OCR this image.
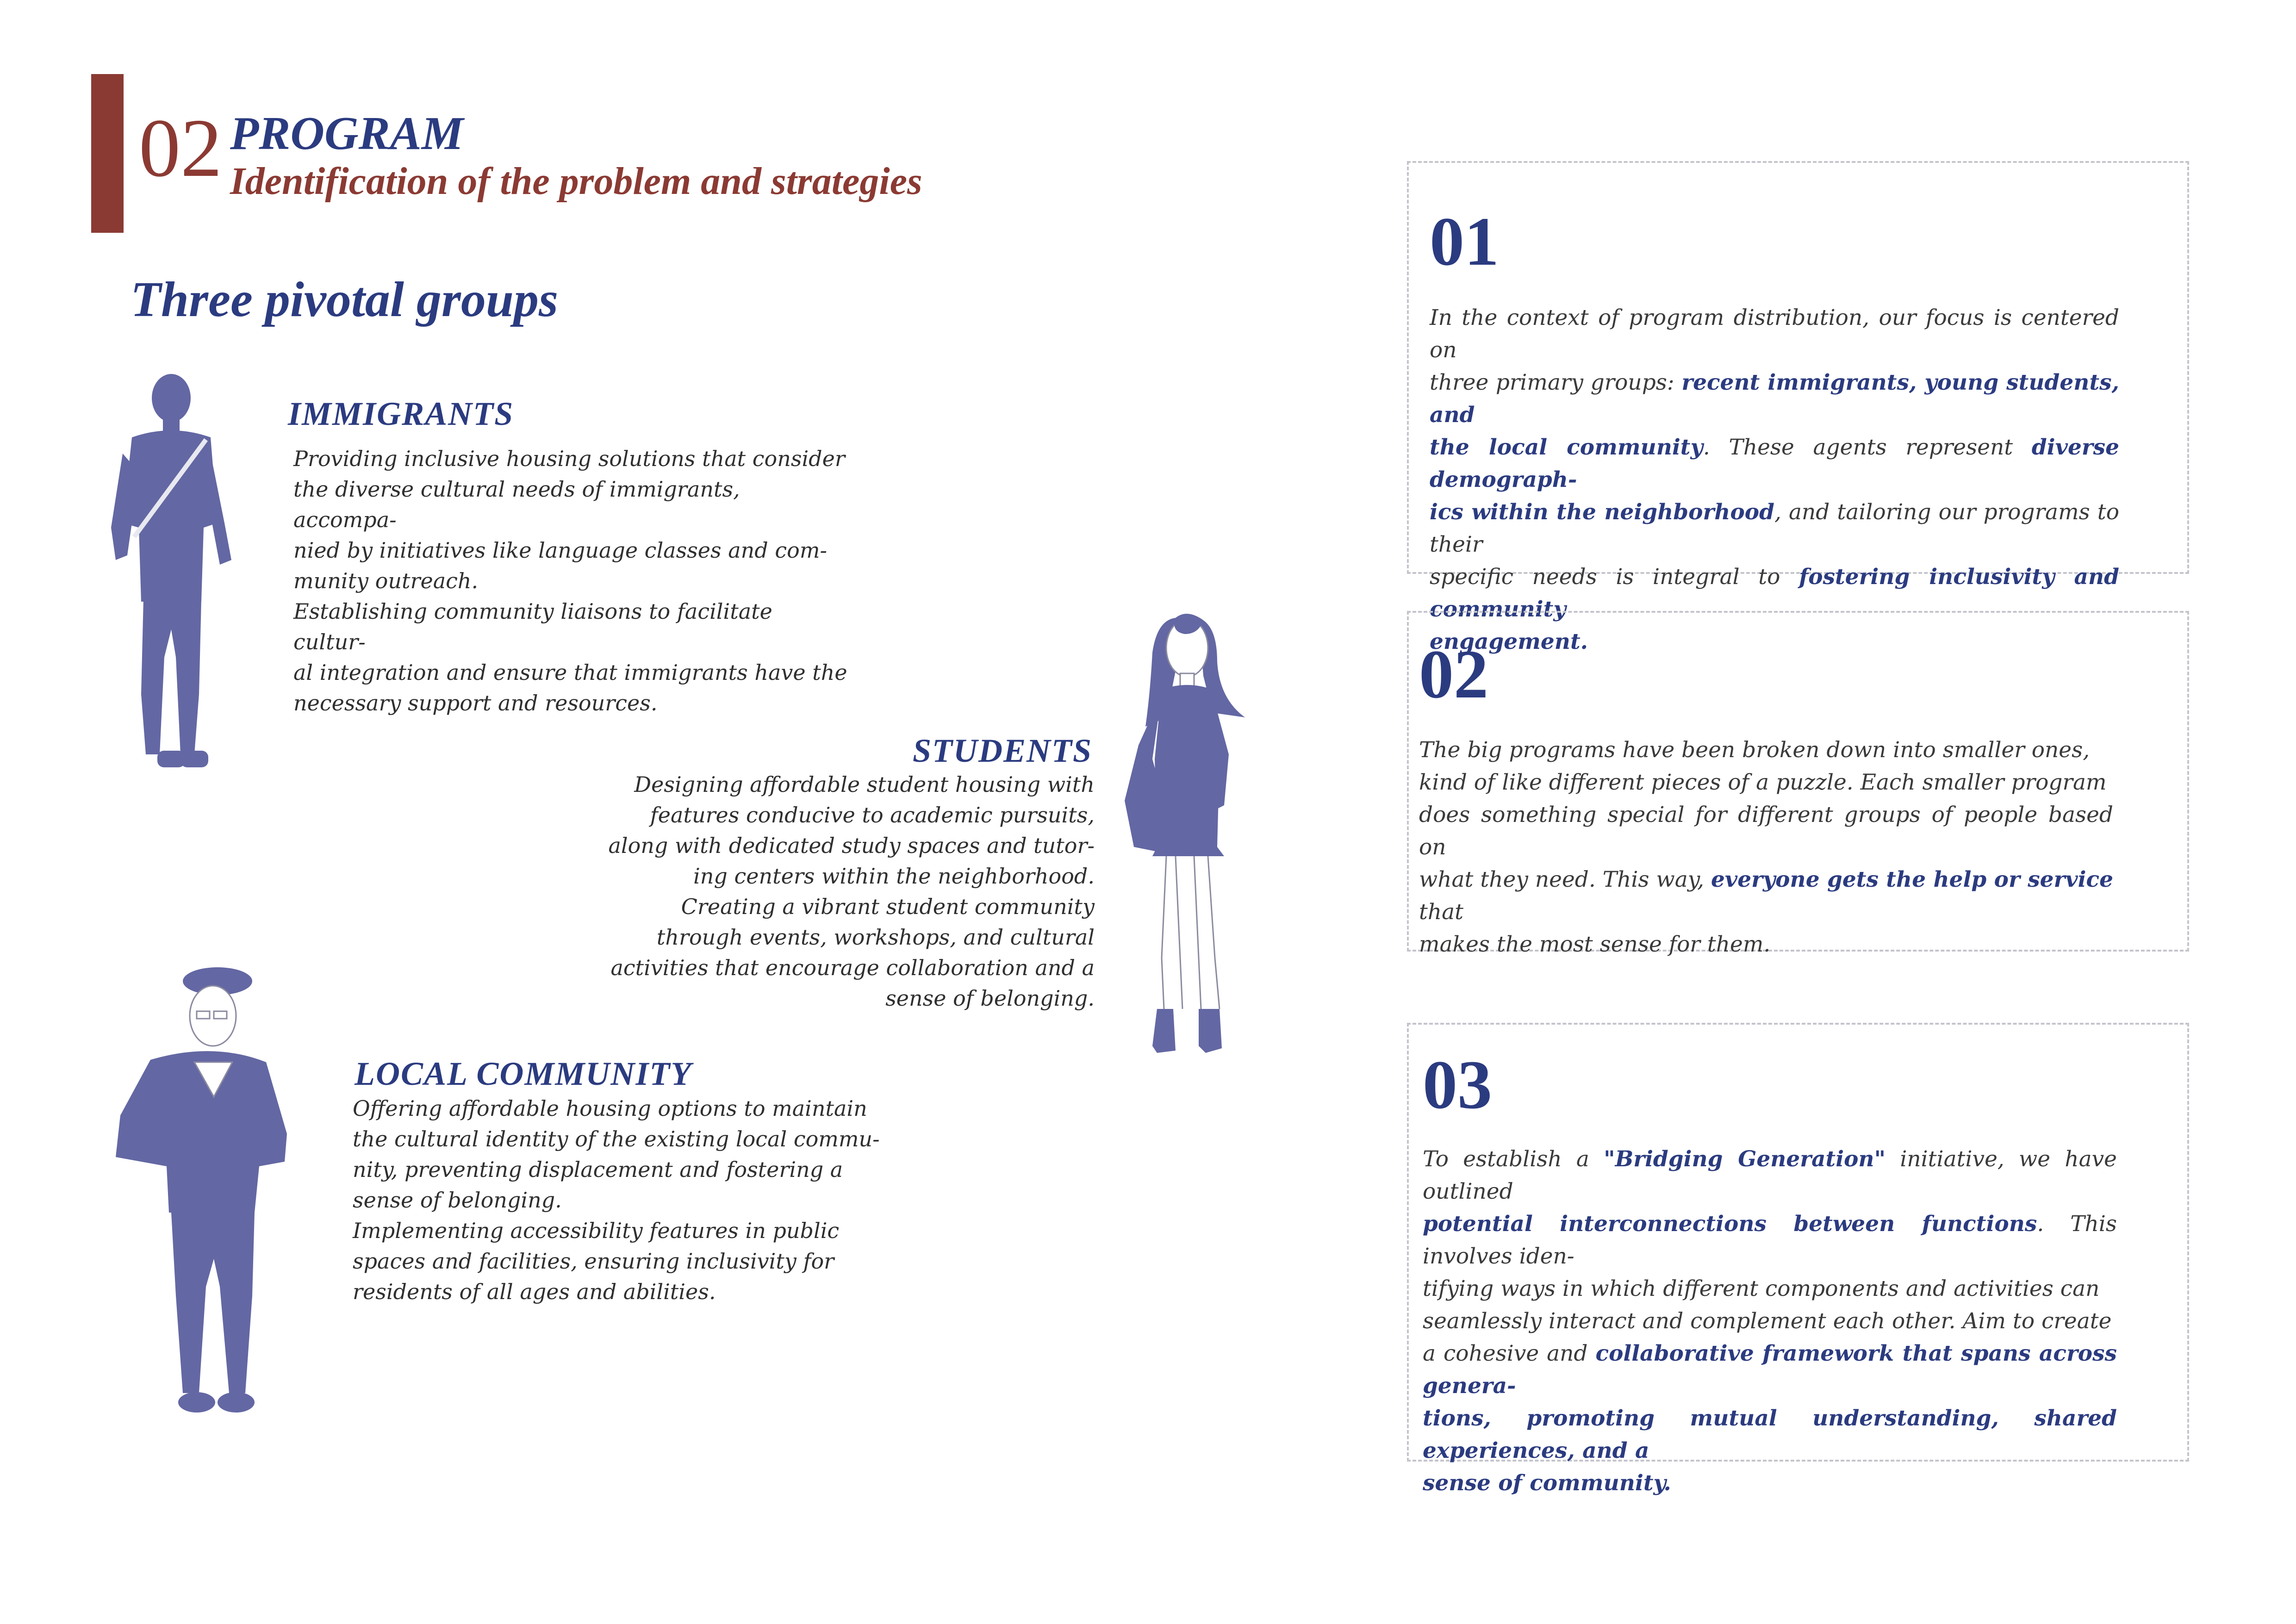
02 PROGRAM
Identification of the problem and strategies
Three pivotal groups
IMMIGRANTS
Providing inclusive housing solutions that consider
the diverse cultural needs of immigrants, accompa-
nied by initiatives like language classes and com-
munity outreach.
Establishing community liaisons to facilitate cultur-
al integration and ensure that immigrants have the
necessary support and resources.
STUDENTS
Designing affordable student housing with
features conducive to academic pursuits,
along with dedicated study spaces and tutor-
ing centers within the neighborhood.
Creating a vibrant student community
through events, workshops, and cultural
activities that encourage collaboration and a
sense of belonging.
LOCAL COMMUNITY
Offering affordable housing options to maintain
the cultural identity of the existing local commu-
nity, preventing displacement and fostering a
sense of belonging.
Implementing accessibility features in public
spaces and facilities, ensuring inclusivity for
residents of all ages and abilities.
01
In the context of program distribution, our focus is centered on
three primary groups: recent immigrants, young students, and
the local community. These agents represent diverse demograph-
ics within the neighborhood, and tailoring our programs to their
specific needs is integral to fostering inclusivity and community
engagement.
02
The big programs have been broken down into smaller ones,
kind of like different pieces of a puzzle. Each smaller program
does something special for different groups of people based on
what they need. This way, everyone gets the help or service that
makes the most sense for them.
03
To establish a "Bridging Generation" initiative, we have outlined
potential interconnections between functions. This involves iden-
tifying ways in which different components and activities can
seamlessly interact and complement each other. Aim to create
a cohesive and collaborative framework that spans across genera-
tions, promoting mutual understanding, shared experiences, and a
sense of community.
